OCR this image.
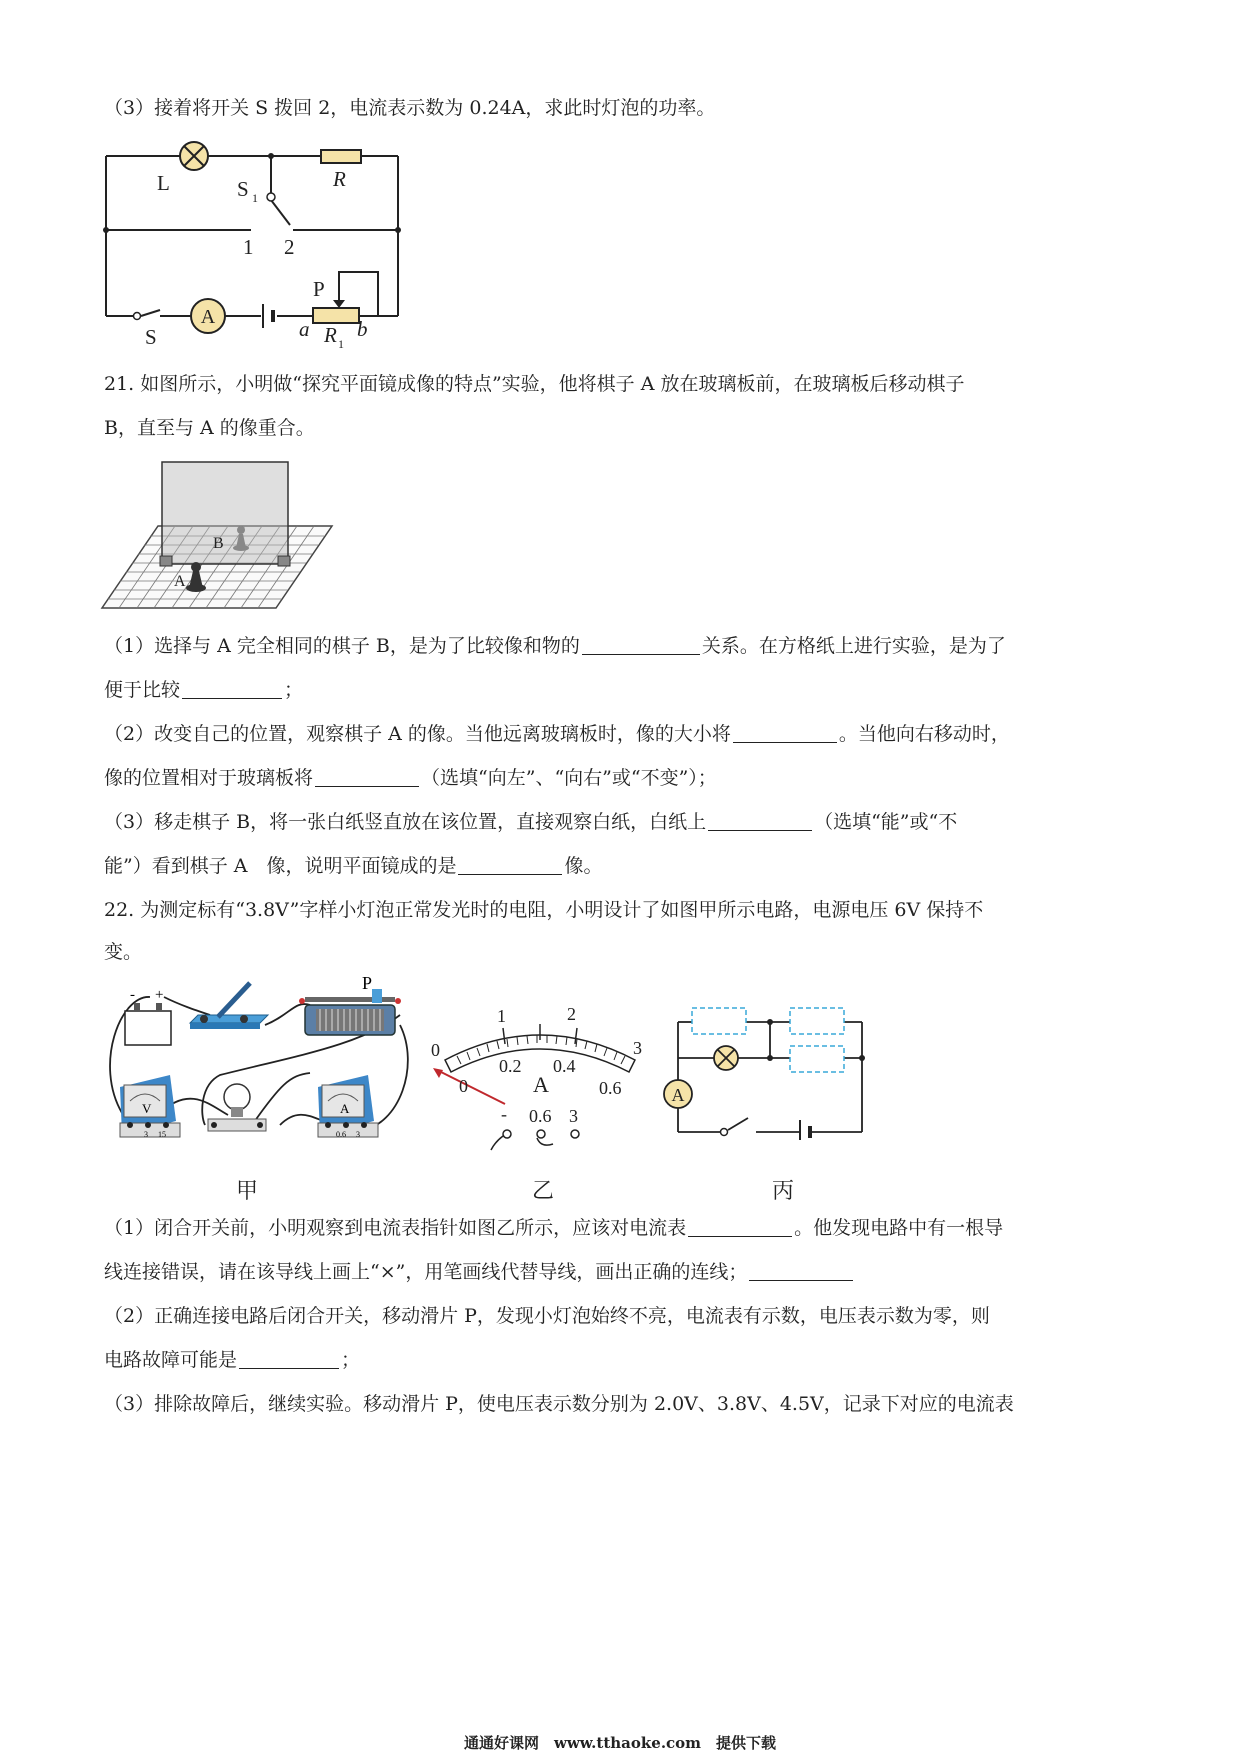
（3）接着将开关 S 拨回 2，电流表示数为 0.24A，求此时灯泡的功率。
A
L	R
S 1
1 2
P
S	a R 1
b
21. 如图所示，小明做“探究平面镜成像的特点”实验，他将棋子 A 放在玻璃板前，在玻璃板后移动棋子
B，直至与 A 的像重合。
B
A
（1）选择与 A 完全相同的棋子 B，是为了比较像和物的	关系。在方格纸上进行实验，是为了
便于比较	；
（2）改变自己的位置，观察棋子 A 的像。当他远离玻璃板时，像的大小将	。当他向右移动时，
像的位置相对于玻璃板将	（选填“向左”、“向右”或“不变”）；
（3）移走棋子 B，将一张白纸竖直放在该位置，直接观察白纸，白纸上	（选填“能”或“不
能”）看到棋子 A　像，说明平面镜成的是	像。
22. 为测定标有“3.8V”字样小灯泡正常发光时的电阻，小明设计了如图甲所示电路，电源电压 6V 保持不
变。
- +
P
V
3 15
A
0.6 3
0
1	2
3
0
0.2 0.4
0.6
A
- 0.6 3
A
甲	乙	丙
（1）闭合开关前，小明观察到电流表指针如图乙所示，应该对电流表	。他发现电路中有一根导
线连接错误，请在该导线上画上“×”，用笔画线代替导线，画出正确的连线；
（2）正确连接电路后闭合开关，移动滑片 P，发现小灯泡始终不亮，电流表有示数，电压表示数为零，则
电路故障可能是	；
（3）排除故障后，继续实验。移动滑片 P，使电压表示数分别为 2.0V、3.8V、4.5V，记录下对应的电流表
通通好课网　www.tthaoke.com　提供下载
